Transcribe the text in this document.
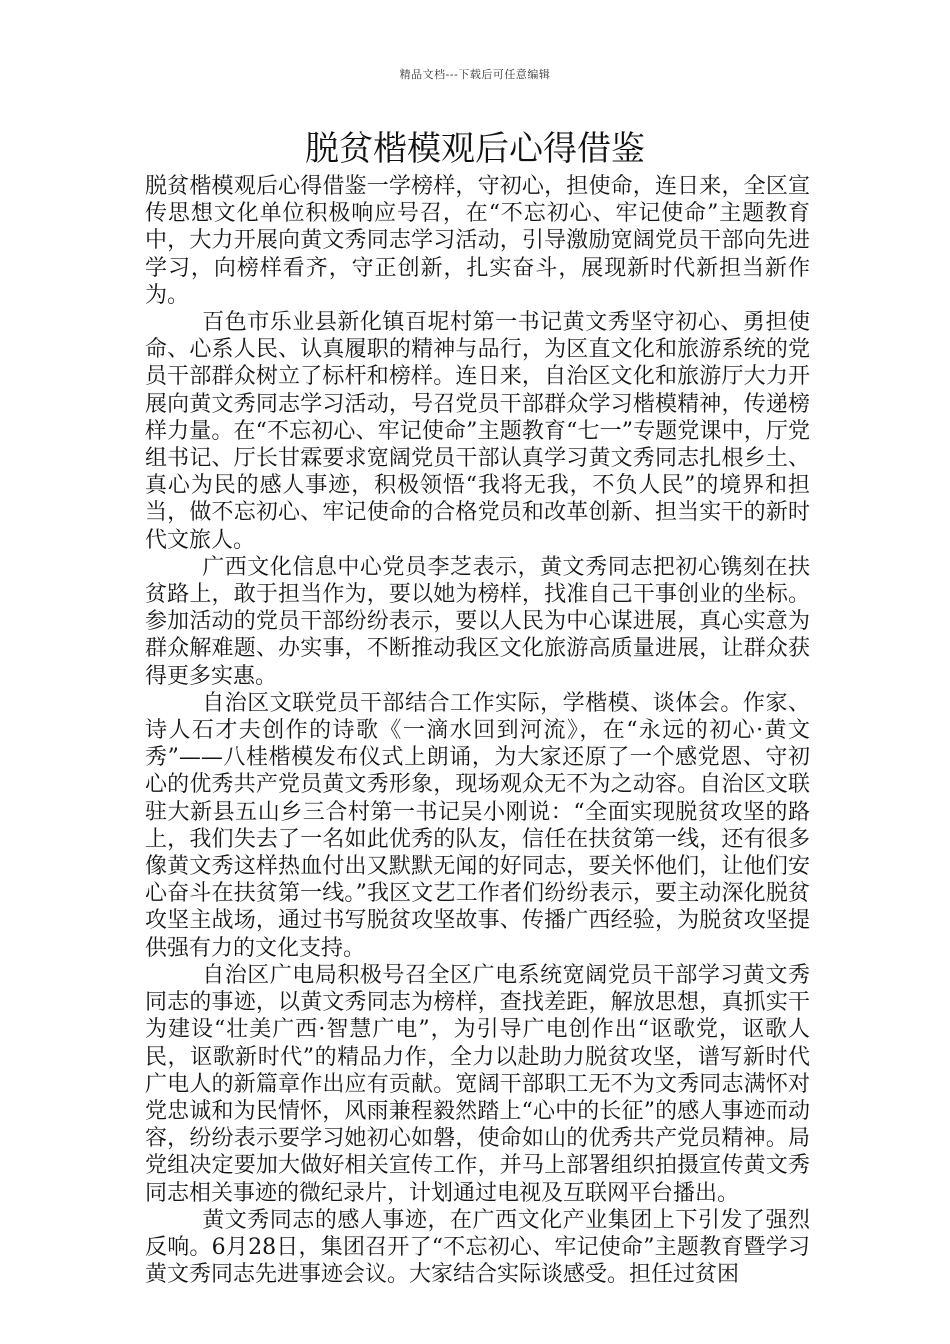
精品文档---下载后可任意编辑
脱贫楷模观后心得借鉴

脱贫楷模观后心得借鉴一学榜样，守初心，担使命，连日来，全区宣传思想文化单位积极响应号召，在“不忘初心、牢记使命”主题教育中，大力开展向黄文秀同志学习活动，引导激励宽阔党员干部向先进学习，向榜样看齐，守正创新，扎实奋斗，展现新时代新担当新作为。

百色市乐业县新化镇百坭村第一书记黄文秀坚守初心、勇担使命、心系人民、认真履职的精神与品行，为区直文化和旅游系统的党员干部群众树立了标杆和榜样。连日来，自治区文化和旅游厅大力开展向黄文秀同志学习活动，号召党员干部群众学习楷模精神，传递榜样力量。在“不忘初心、牢记使命”主题教育“七一”专题党课中，厅党组书记、厅长甘霖要求宽阔党员干部认真学习黄文秀同志扎根乡土、真心为民的感人事迹，积极领悟“我将无我，不负人民”的境界和担当，做不忘初心、牢记使命的合格党员和改革创新、担当实干的新时代文旅人。

广西文化信息中心党员李芝表示，黄文秀同志把初心镌刻在扶贫路上，敢于担当作为，要以她为榜样，找准自己干事创业的坐标。参加活动的党员干部纷纷表示，要以人民为中心谋进展，真心实意为群众解难题、办实事，不断推动我区文化旅游高质量进展，让群众获得更多实惠。

自治区文联党员干部结合工作实际，学楷模、谈体会。作家、诗人石才夫创作的诗歌《一滴水回到河流》，在“永远的初心·黄文秀”——八桂楷模发布仪式上朗诵，为大家还原了一个感党恩、守初心的优秀共产党员黄文秀形象，现场观众无不为之动容。自治区文联驻大新县五山乡三合村第一书记吴小刚说：“全面实现脱贫攻坚的路上，我们失去了一名如此优秀的队友，信任在扶贫第一线，还有很多像黄文秀这样热血付出又默默无闻的好同志，要关怀他们，让他们安心奋斗在扶贫第一线。”我区文艺工作者们纷纷表示，要主动深化脱贫攻坚主战场，通过书写脱贫攻坚故事、传播广西经验，为脱贫攻坚提供强有力的文化支持。

自治区广电局积极号召全区广电系统宽阔党员干部学习黄文秀同志的事迹，以黄文秀同志为榜样，查找差距，解放思想，真抓实干为建设“壮美广西·智慧广电”，为引导广电创作出“讴歌党，讴歌人民，讴歌新时代”的精品力作，全力以赴助力脱贫攻坚，谱写新时代广电人的新篇章作出应有贡献。宽阔干部职工无不为文秀同志满怀对党忠诚和为民情怀，风雨兼程毅然踏上“心中的长征”的感人事迹而动容，纷纷表示要学习她初心如磐，使命如山的优秀共产党员精神。局党组决定要加大做好相关宣传工作，并马上部署组织拍摄宣传黄文秀同志相关事迹的微纪录片，计划通过电视及互联网平台播出。

黄文秀同志的感人事迹，在广西文化产业集团上下引发了强烈反响。6月28日，集团召开了“不忘初心、牢记使命”主题教育暨学习黄文秀同志先进事迹会议。大家结合实际谈感受。担任过贫困
